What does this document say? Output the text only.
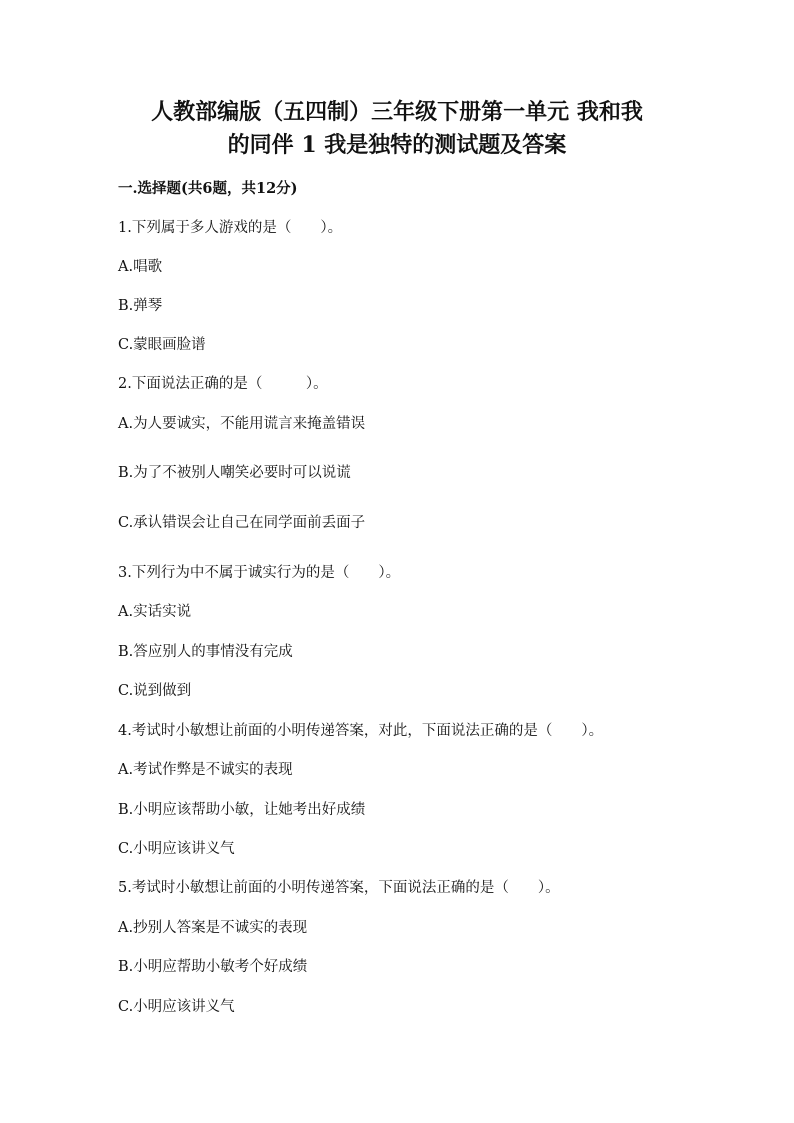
人教部编版（五四制）三年级下册第一单元 我和我
的同伴 1 我是独特的测试题及答案

一.选择题(共6题，共12分)

1.下列属于多人游戏的是（　　）。

A.唱歌

B.弹琴

C.蒙眼画脸谱

2.下面说法正确的是（　　　）。

A.为人要诚实，不能用谎言来掩盖错误

B.为了不被别人嘲笑必要时可以说谎

C.承认错误会让自己在同学面前丢面子

3.下列行为中不属于诚实行为的是（　　）。

A.实话实说

B.答应别人的事情没有完成

C.说到做到

4.考试时小敏想让前面的小明传递答案，对此，下面说法正确的是（　　）。

A.考试作弊是不诚实的表现

B.小明应该帮助小敏，让她考出好成绩

C.小明应该讲义气

5.考试时小敏想让前面的小明传递答案，下面说法正确的是（　　）。

A.抄别人答案是不诚实的表现

B.小明应帮助小敏考个好成绩

C.小明应该讲义气
